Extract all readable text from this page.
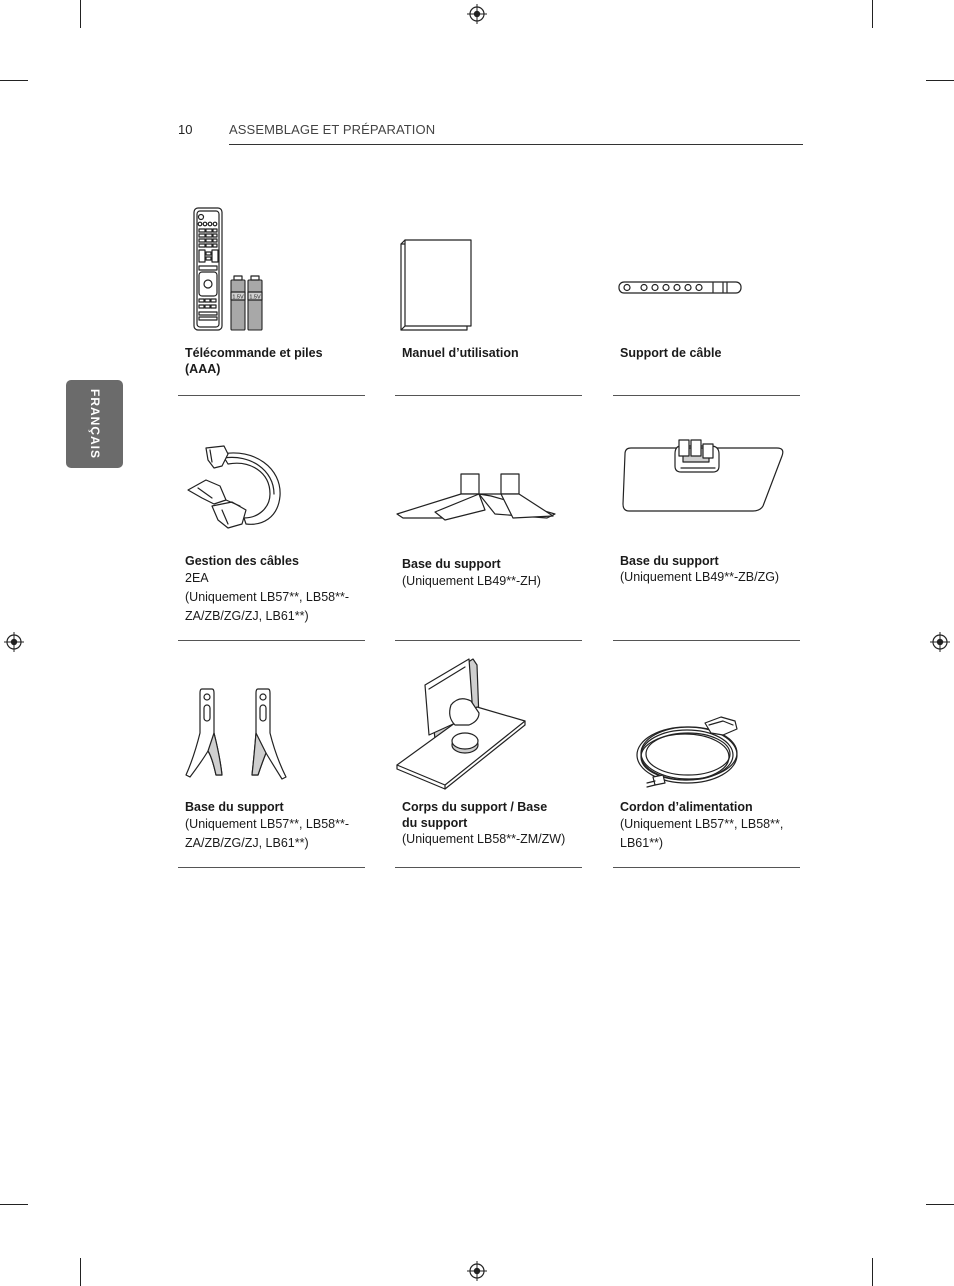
10	ASSEMBLAGE ET PRÉPARATION
FRANÇAIS
1.5V 1.5V
Télécommande et piles
(AAA)
Manuel d’utilisation	Support de câble
Gestion des câbles
2EA
(Uniquement LB57**, LB58**-ZA/ZB/ZG/ZJ, LB61**)
Base du support
(Uniquement LB49**-ZH)
Base du support
(Uniquement LB49**-ZB/ZG)
Base du support
(Uniquement LB57**, LB58**-ZA/ZB/ZG/ZJ, LB61**)
Corps du support / Base
du support
(Uniquement LB58**-ZM/ZW)
Cordon d’alimentation
(Uniquement LB57**, LB58**, LB61**)
